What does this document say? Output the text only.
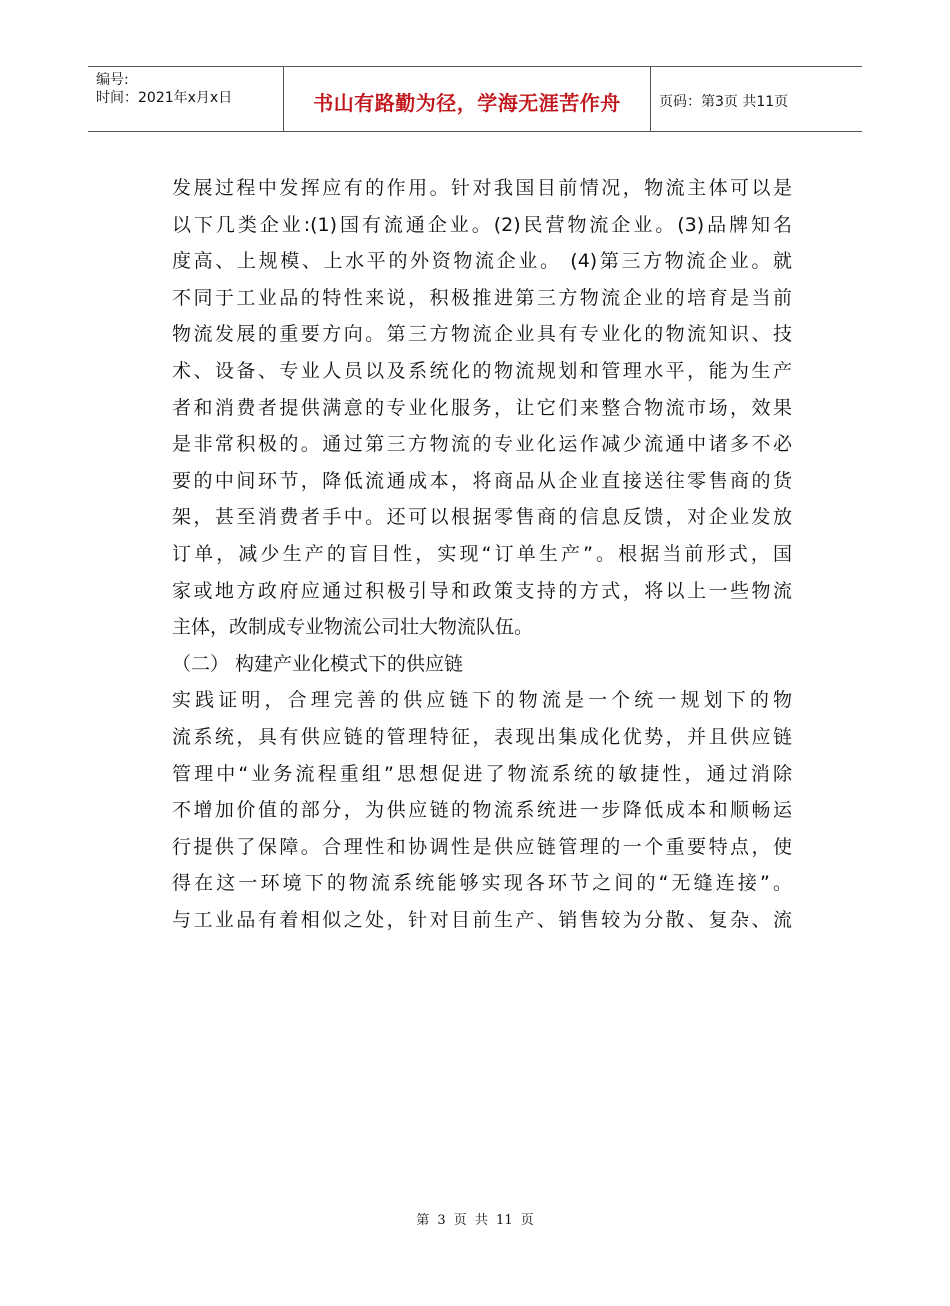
编号:
时间：2021年x月x日	书山有路勤为径，学海无涯苦作舟	页码：第3页 共11页
发展过程中发挥应有的作用。针对我国目前情况，物流主体可以是
以下几类企业:(1)国有流通企业。(2)民营物流企业。(3)品牌知名
度高、上规模、上水平的外资物流企业。 (4)第三方物流企业。就
不同于工业品的特性来说，积极推进第三方物流企业的培育是当前
物流发展的重要方向。第三方物流企业具有专业化的物流知识、技
术、设备、专业人员以及系统化的物流规划和管理水平，能为生产
者和消费者提供满意的专业化服务，让它们来整合物流市场，效果
是非常积极的。通过第三方物流的专业化运作减少流通中诸多不必
要的中间环节，降低流通成本，将商品从企业直接送往零售商的货
架，甚至消费者手中。还可以根据零售商的信息反馈，对企业发放
订单，减少生产的盲目性，实现“订单生产”。根据当前形式，国
家或地方政府应通过积极引导和政策支持的方式，将以上一些物流
主体，改制成专业物流公司壮大物流队伍。
（二） 构建产业化模式下的供应链
实践证明，合理完善的供应链下的物流是一个统一规划下的物
流系统，具有供应链的管理特征，表现出集成化优势，并且供应链
管理中“业务流程重组”思想促进了物流系统的敏捷性，通过消除
不增加价值的部分，为供应链的物流系统进一步降低成本和顺畅运
行提供了保障。合理性和协调性是供应链管理的一个重要特点，使
得在这一环境下的物流系统能够实现各环节之间的“无缝连接”。
与工业品有着相似之处，针对目前生产、销售较为分散、复杂、流
第 3 页 共 11 页
